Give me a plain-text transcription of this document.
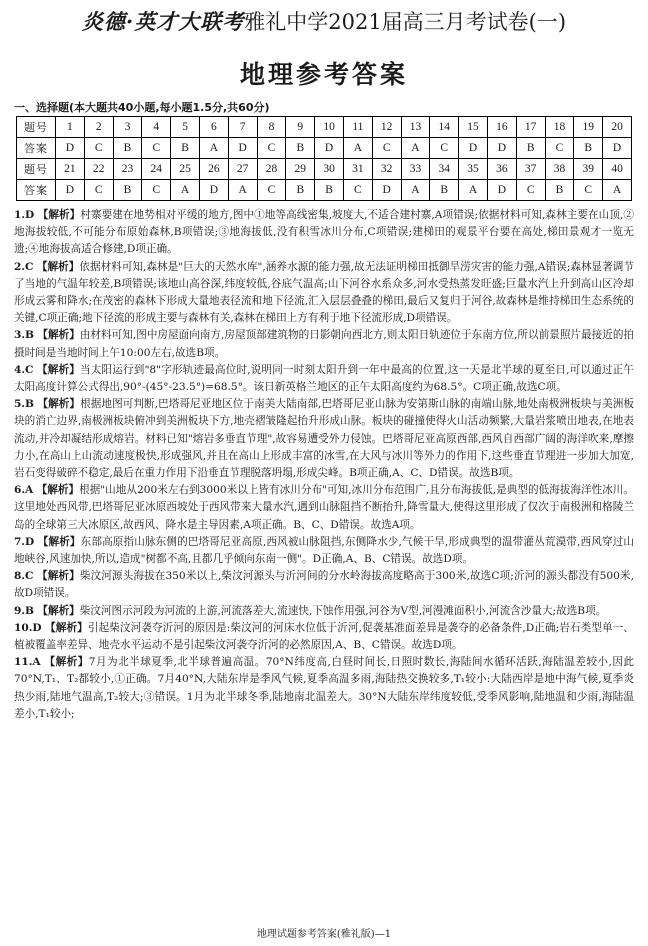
炎德·英才大联考雅礼中学2021届高三月考试卷(一)
地理参考答案
一、选择题(本大题共40小题,每小题1.5分,共60分)
题号	1	2	3	4	5	6	7	8	9	10	11	12	13	14	15	16	17	18	19	20
答案	D	C	B	C	B	A	D	C	B	D	A	C	A	C	D	D	B	C	B	D
题号	21	22	23	24	25	26	27	28	29	30	31	32	33	34	35	36	37	38	39	40
答案	D	C	B	C	A	D	A	C	B	B	C	D	A	B	A	D	C	B	C	A

1.D 【解析】村寨要建在地势相对平缓的地方,图中①地等高线密集,坡度大,不适合建村寨,A项错误;依据材料可知,森林主要在山顶,②地海拔较低,不可能分布原始森林,B项错误;③地海拔低,没有积雪冰川分布,C项错误;建梯田的观景平台要在高处,梯田景观才一览无遗;④地海拔高适合修建,D项正确。

2.C 【解析】依据材料可知,森林是"巨大的天然水库",涵养水源的能力强,故无法证明梯田抵御旱涝灾害的能力强,A错误;森林显著调节了当地的气温年较差,B项错误;该地山高谷深,纬度较低,谷底气温高;山下河谷水系众多,河水受热蒸发旺盛;巨量水汽上升到高山区冷却形成云雾和降水;在茂密的森林下形成大量地表径流和地下径流,汇入层层叠叠的梯田,最后又复归于河谷,故森林是维持梯田生态系统的关键,C项正确;地下径流的形成主要与森林有关,森林在梯田上方有利于地下径流形成,D项错误。

3.B 【解析】由材料可知,图中房屋面向南方,房屋顶部建筑物的日影朝向西北方,则太阳日轨迹位于东南方位,所以前景照片最接近的拍摄时间是当地时间上午10:00左右,故选B项。

4.C 【解析】当太阳运行到"8"字形轨迹最高位时,说明同一时刻太阳升到一年中最高的位置,这一天是北半球的夏至日,可以通过正午太阳高度计算公式得出,90°-(45°-23.5°)=68.5°。该日新英格兰地区的正午太阳高度约为68.5°。C项正确,故选C项。

5.B 【解析】根据地图可判断,巴塔哥尼亚地区位于南美大陆南部,巴塔哥尼亚山脉为安第斯山脉的南端山脉,地处南极洲板块与美洲板块的消亡边界,南极洲板块俯冲到美洲板块下方,地壳褶皱隆起抬升形成山脉。板块的碰撞使得火山活动频繁,大量岩浆喷出地表,在地表流动,并冷却凝结形成熔岩。材料已知"熔岩多垂直节理",故容易遭受外力侵蚀。巴塔哥尼亚高原西部,西风自西部广阔的海洋吹来,摩擦力小,在高山上山流动速度极快,形成强风,并且在高山上形成丰富的冰雪,在大风与冰川等外力的作用下,这些垂直节理进一步加大加宽,岩石变得破碎不稳定,最后在重力作用下沿垂直节理脱落坍塌,形成尖峰。B项正确,A、C、D错误。故选B项。

6.A 【解析】根据"山地从200米左右到3000米以上皆有冰川分布"可知,冰川分布范围广,且分布海拔低,是典型的低海拔海洋性冰川。这里地处西风带,巴塔哥尼亚冰原西坡处于西风带来大量水汽,遇到山脉阻挡不断抬升,降雪量大,使得这里形成了仅次于南极洲和格陵兰岛的全球第三大冰原区,故西风、降水是主导因素,A项正确。B、C、D错误。故选A项。

7.D 【解析】东部高原指山脉东侧的巴塔哥尼亚高原,西风被山脉阻挡,东侧降水少,气候干旱,形成典型的温带灌丛荒漠带,西风穿过山地峡谷,风速加快,所以,造成"树都不高,且都几乎倾向东南一侧"。D正确,A、B、C错误。故选D项。

8.C 【解析】柴汶河源头海拔在350米以上,柴汶河源头与沂河间的分水岭海拔高度略高于300米,故选C项;沂河的源头都没有500米,故D项错误。

9.B 【解析】柴汶河图示河段为河流的上游,河流落差大,流速快,下蚀作用强,河谷为V型,河漫滩面积小,河流含沙量大;故选B项。

10.D 【解析】引起柴汶河袭夺沂河的原因是:柴汶河的河床水位低于沂河,促袭基准面差异是袭夺的必备条件,D正确;岩石类型单一、植被覆盖率差异、地壳水平运动不是引起柴汶河袭夺沂河的必然原因,A、B、C错误。故选D项。

11.A 【解析】7月为北半球夏季,北半球普遍高温。70°N纬度高,白昼时间长,日照时数长,海陆间水循环活跃,海陆温差较小,因此70°N,T₁、T₂都较小,①正确。7月40°N,大陆东岸是季风气候,夏季高温多雨,海陆热交换较多,T₁较小:大陆西岸是地中海气候,夏季炎热少雨,陆地气温高,T₂较大;③错误。1月为北半球冬季,陆地南北温差大。30°N大陆东岸纬度较低,受季风影响,陆地温和少雨,海陆温差小,T₁较小;

地理试题参考答案(雅礼版)—1
